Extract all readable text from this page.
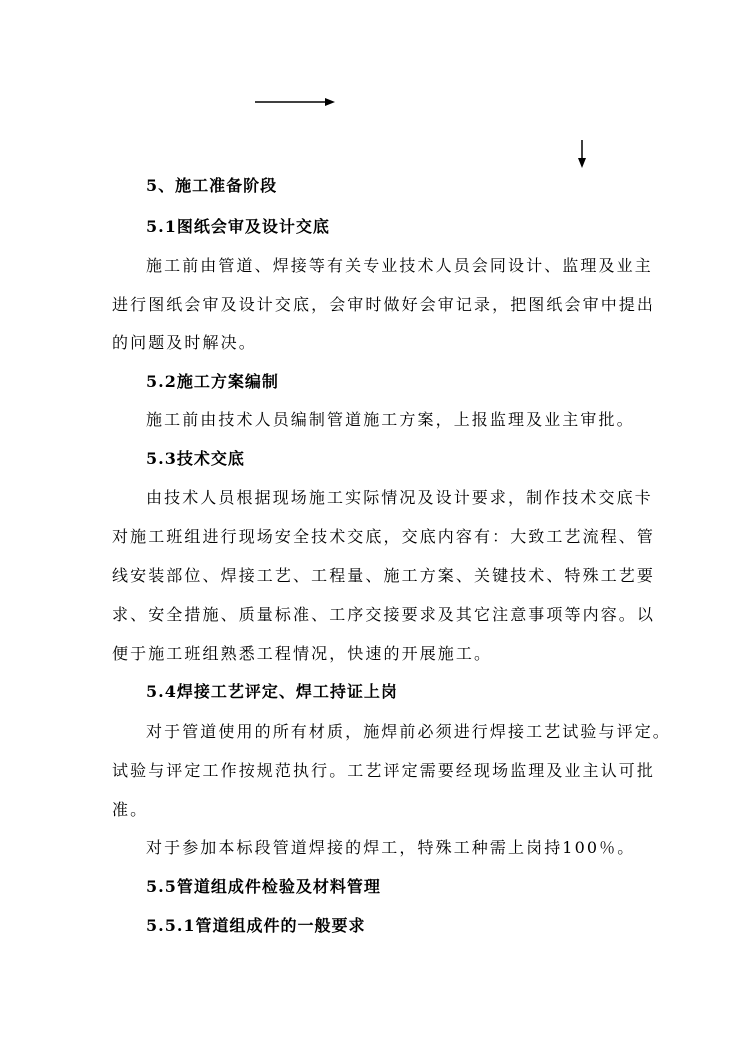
5、施工准备阶段
5.1图纸会审及设计交底
施工前由管道、焊接等有关专业技术人员会同设计、监理及业主
进行图纸会审及设计交底，会审时做好会审记录，把图纸会审中提出
的问题及时解决。
5.2施工方案编制
施工前由技术人员编制管道施工方案，上报监理及业主审批。
5.3技术交底
由技术人员根据现场施工实际情况及设计要求，制作技术交底卡
对施工班组进行现场安全技术交底，交底内容有：大致工艺流程、管
线安装部位、焊接工艺、工程量、施工方案、关键技术、特殊工艺要
求、安全措施、质量标准、工序交接要求及其它注意事项等内容。以
便于施工班组熟悉工程情况，快速的开展施工。
5.4焊接工艺评定、焊工持证上岗
对于管道使用的所有材质，施焊前必须进行焊接工艺试验与评定。
试验与评定工作按规范执行。工艺评定需要经现场监理及业主认可批
准。
对于参加本标段管道焊接的焊工，特殊工种需上岗持100％。
5.5管道组成件检验及材料管理
5.5.1管道组成件的一般要求
